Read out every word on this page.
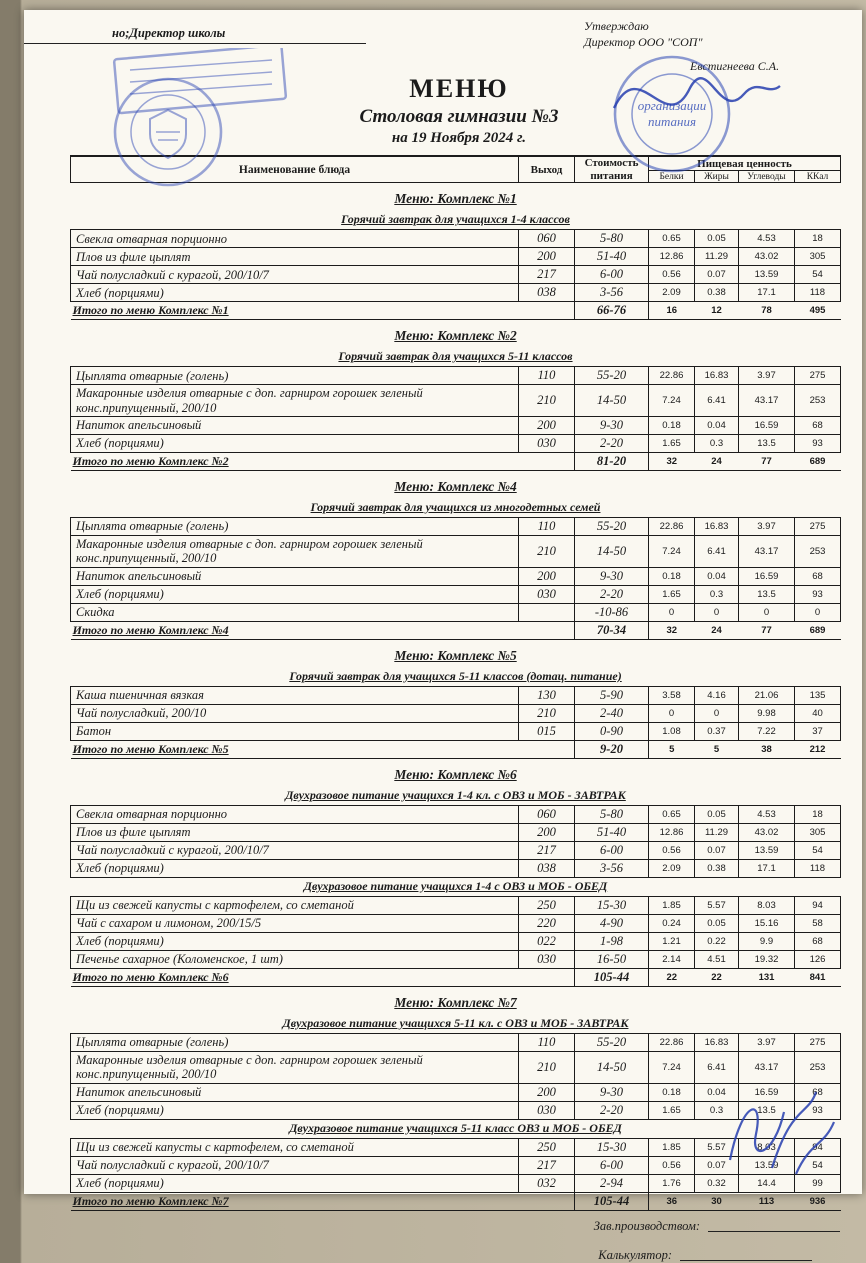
но;Директор школы	Утверждаю
Директор ООО "СОП"
Евстигнеева С.А.
МЕНЮ
Столовая гимназии №3
на 19 Ноября 2024 г.
Наименование блюда	Выход	Стоимость
питания	Пищевая ценность			
			Белки	Жиры	Углеводы	ККал
Меню: Комплекс №1						
Горячий завтрак для учащихся 1-4 классов						
Свекла отварная порционно	060	5-80	0.65	0.05	4.53	18
Плов из филе цыплят	200	51-40	12.86	11.29	43.02	305
Чай полусладкий с курагой, 200/10/7	217	6-00	0.56	0.07	13.59	54
Хлеб (порциями)	038	3-56	2.09	0.38	17.1	118
Итого по меню Комплекс №1		66-76	16	12	78	495
Меню: Комплекс №2						
Горячий завтрак для учащихся 5-11 классов						
Цыплята отварные (голень)	110	55-20	22.86	16.83	3.97	275
Макаронные изделия отварные с доп. гарниром горошек зеленый конс.припущенный, 200/10	210	14-50	7.24	6.41	43.17	253
Напиток апельсиновый	200	9-30	0.18	0.04	16.59	68
Хлеб (порциями)	030	2-20	1.65	0.3	13.5	93
Итого по меню Комплекс №2		81-20	32	24	77	689
Меню: Комплекс №4						
Горячий завтрак для учащихся из многодетных семей						
Цыплята отварные (голень)	110	55-20	22.86	16.83	3.97	275
Макаронные изделия отварные с доп. гарниром горошек зеленый конс.припущенный, 200/10	210	14-50	7.24	6.41	43.17	253
Напиток апельсиновый	200	9-30	0.18	0.04	16.59	68
Хлеб (порциями)	030	2-20	1.65	0.3	13.5	93
Скидка		-10-86	0	0	0	0
Итого по меню Комплекс №4		70-34	32	24	77	689
Меню: Комплекс №5						
Горячий завтрак для учащихся 5-11 классов (дотац. питание)						
Каша пшеничная вязкая	130	5-90	3.58	4.16	21.06	135
Чай полусладкий, 200/10	210	2-40	0	0	9.98	40
Батон	015	0-90	1.08	0.37	7.22	37
Итого по меню Комплекс №5		9-20	5	5	38	212
Меню: Комплекс №6						
Двухразовое питание учащихся 1-4 кл. с ОВЗ и МОБ - ЗАВТРАК						
Свекла отварная порционно	060	5-80	0.65	0.05	4.53	18
Плов из филе цыплят	200	51-40	12.86	11.29	43.02	305
Чай полусладкий с курагой, 200/10/7	217	6-00	0.56	0.07	13.59	54
Хлеб (порциями)	038	3-56	2.09	0.38	17.1	118
Двухразовое питание учащихся 1-4 с ОВЗ и МОБ - ОБЕД						
Щи из свежей капусты с картофелем, со сметаной	250	15-30	1.85	5.57	8.03	94
Чай с сахаром и лимоном, 200/15/5	220	4-90	0.24	0.05	15.16	58
Хлеб (порциями)	022	1-98	1.21	0.22	9.9	68
Печенье сахарное (Коломенское, 1 шт)	030	16-50	2.14	4.51	19.32	126
Итого по меню Комплекс №6		105-44	22	22	131	841
Меню: Комплекс №7						
Двухразовое питание учащихся 5-11 кл. с ОВЗ и МОБ - ЗАВТРАК						
Цыплята отварные (голень)	110	55-20	22.86	16.83	3.97	275
Макаронные изделия отварные с доп. гарниром горошек зеленый конс.припущенный, 200/10	210	14-50	7.24	6.41	43.17	253
Напиток апельсиновый	200	9-30	0.18	0.04	16.59	68
Хлеб (порциями)	030	2-20	1.65	0.3	13.5	93
Двухразовое питание учащихся 5-11 класс ОВЗ и МОБ - ОБЕД						
Щи из свежей капусты с картофелем, со сметаной	250	15-30	1.85	5.57	8.03	94
Чай полусладкий с курагой, 200/10/7	217	6-00	0.56	0.07	13.59	54
Хлеб (порциями)	032	2-94	1.76	0.32	14.4	99
Итого по меню Комплекс №7		105-44	36	30	113	936
Зав.производством:
Калькулятор:
организации
питания
